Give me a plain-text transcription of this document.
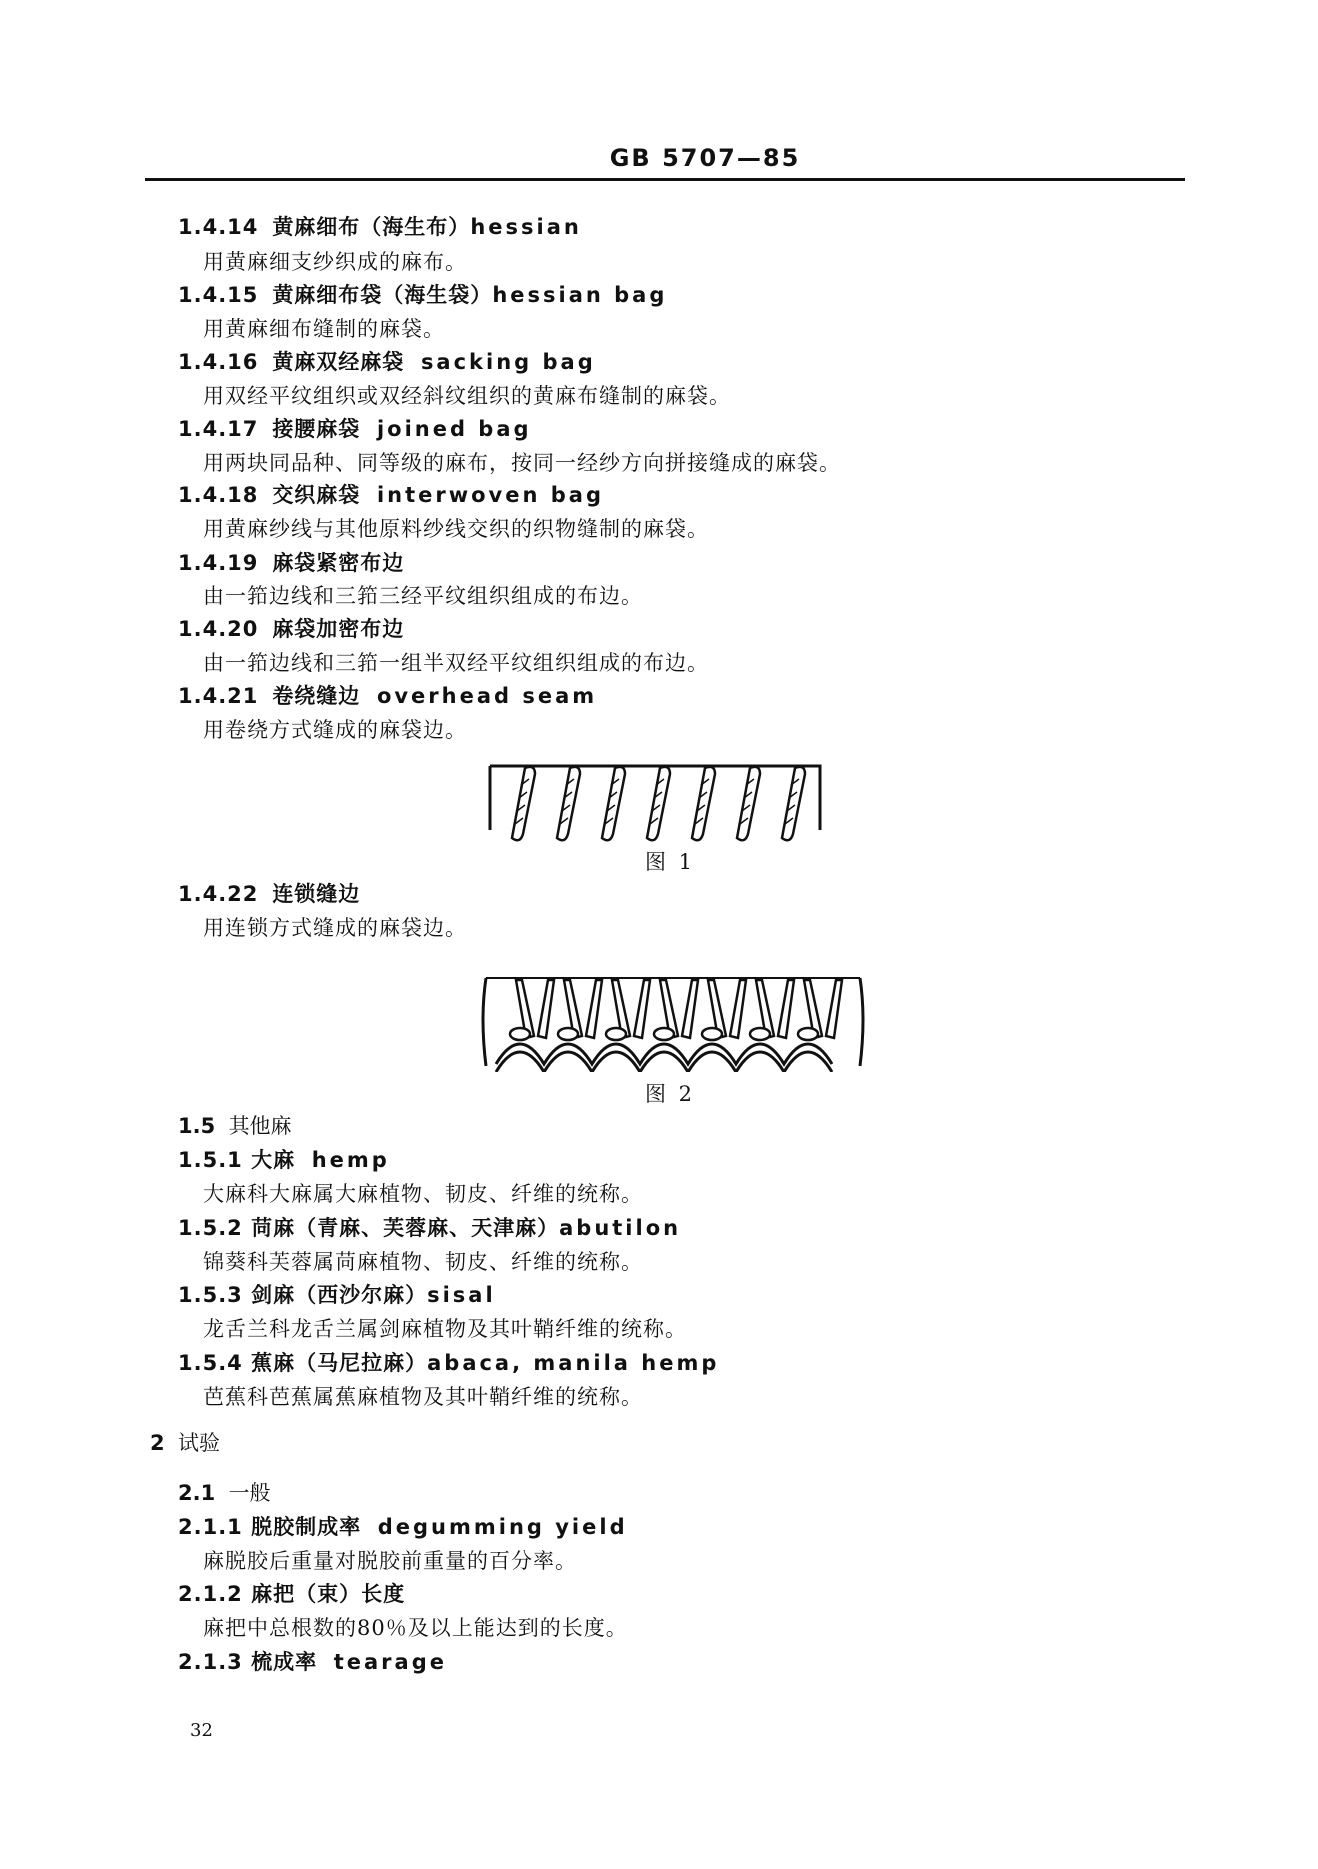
GB 5707—85
1.4.14 黄麻细布（海生布）hessian
用黄麻细支纱织成的麻布。
1.4.15 黄麻细布袋（海生袋）hessian bag
用黄麻细布缝制的麻袋。
1.4.16 黄麻双经麻袋 sacking bag
用双经平纹组织或双经斜纹组织的黄麻布缝制的麻袋。
1.4.17 接腰麻袋 joined bag
用两块同品种、同等级的麻布，按同一经纱方向拼接缝成的麻袋。
1.4.18 交织麻袋 interwoven bag
用黄麻纱线与其他原料纱线交织的织物缝制的麻袋。
1.4.19 麻袋紧密布边
由一筘边线和三筘三经平纹组织组成的布边。
1.4.20 麻袋加密布边
由一筘边线和三筘一组半双经平纹组织组成的布边。
1.4.21 卷绕缝边 overhead seam
用卷绕方式缝成的麻袋边。
图 1
1.4.22 连锁缝边
用连锁方式缝成的麻袋边。
图 2
1.5 其他麻
1.5.1 大麻 hemp
大麻科大麻属大麻植物、韧皮、纤维的统称。
1.5.2 苘麻（青麻、芙蓉麻、天津麻）abutilon
锦葵科芙蓉属苘麻植物、韧皮、纤维的统称。
1.5.3 剑麻（西沙尔麻）sisal
龙舌兰科龙舌兰属剑麻植物及其叶鞘纤维的统称。
1.5.4 蕉麻（马尼拉麻）abaca, manila hemp
芭蕉科芭蕉属蕉麻植物及其叶鞘纤维的统称。
2 试验
2.1 一般
2.1.1 脱胶制成率 degumming yield
麻脱胶后重量对脱胶前重量的百分率。
2.1.2 麻把（束）长度
麻把中总根数的80％及以上能达到的长度。
2.1.3 梳成率 tearage
32
